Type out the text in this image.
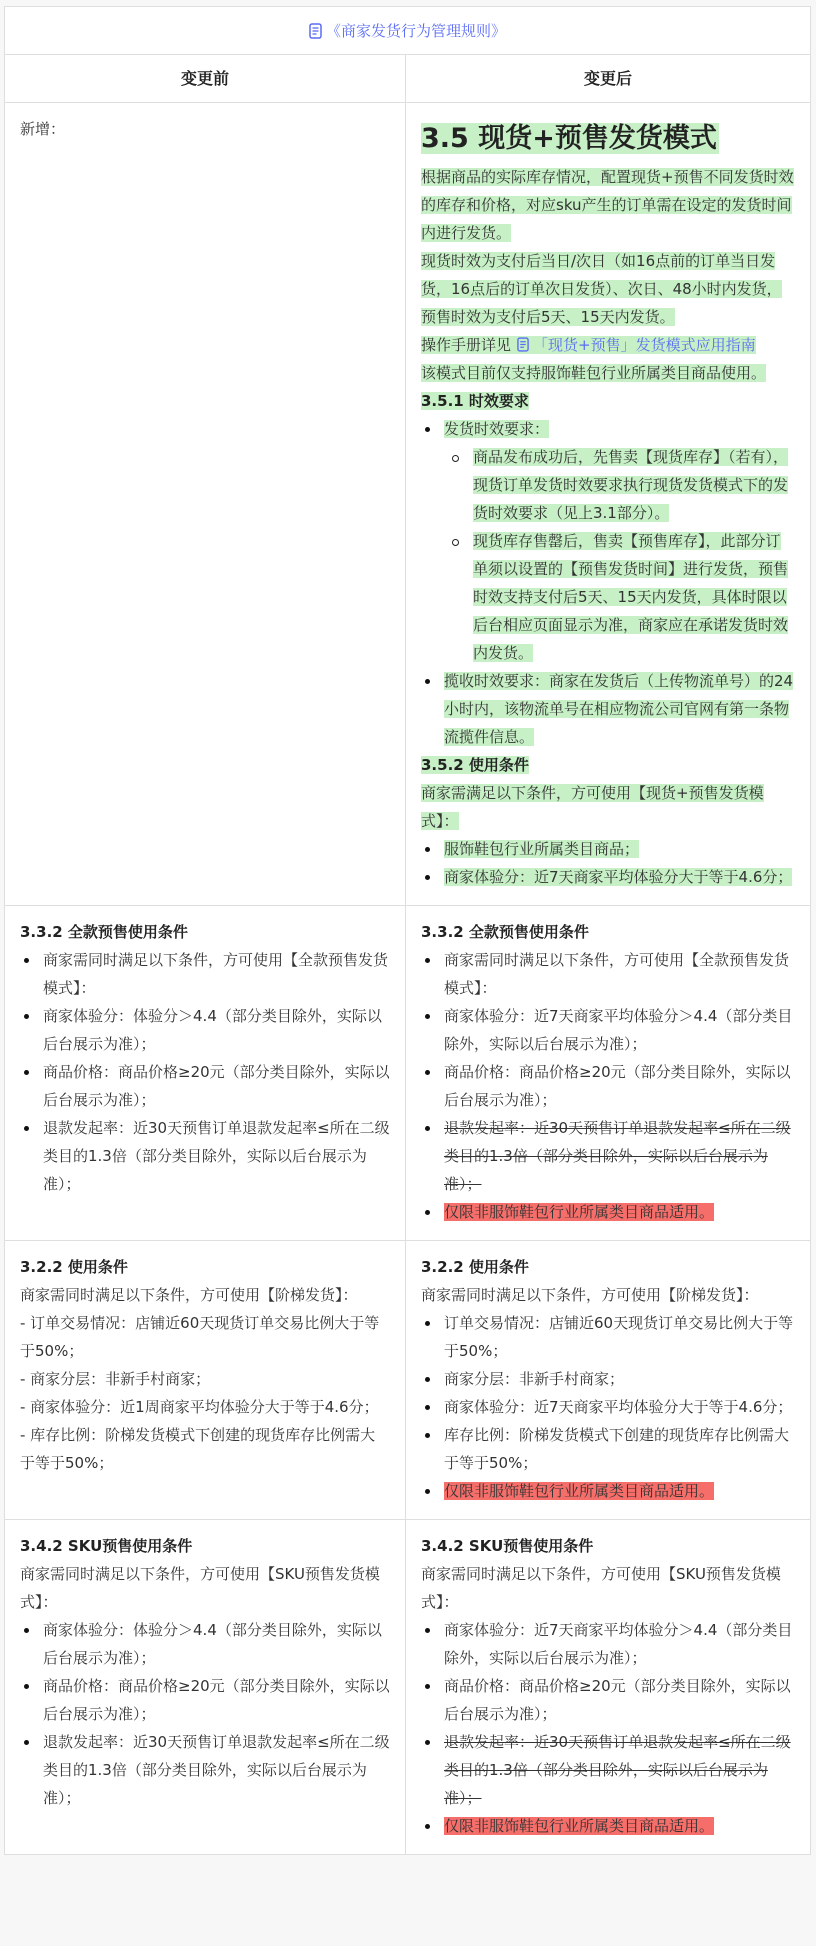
《商家发货行为管理规则》
变更前	变更后
新增：	3.5 现货+预售发货模式
根据商品的实际库存情况，配置现货+预售不同发货时效的库存和价格，对应sku产生的订单需在设定的发货时间内进行发货。
现货时效为支付后当日/次日（如16点前的订单当日发货，16点后的订单次日发货）、次日、48小时内发货，预售时效为支付后5天、15天内发货。
操作手册详见 「现货+预售」发货模式应用指南
该模式目前仅支持服饰鞋包行业所属类目商品使用。
3.5.1 时效要求
发货时效要求：
商品发布成功后，先售卖【现货库存】（若有），现货订单发货时效要求执行现货发货模式下的发货时效要求（见上3.1部分）。
现货库存售罄后，售卖【预售库存】，此部分订单须以设置的【预售发货时间】进行发货，预售时效支持支付后5天、15天内发货，具体时限以后台相应页面显示为准，商家应在承诺发货时效内发货。
揽收时效要求：商家在发货后（上传物流单号）的24小时内，该物流单号在相应物流公司官网有第一条物流揽件信息。
3.5.2 使用条件
商家需满足以下条件，方可使用【现货+预售发货模式】：
服饰鞋包行业所属类目商品；
商家体验分：近7天商家平均体验分大于等于4.6分；
3.3.2 全款预售使用条件
商家需同时满足以下条件，方可使用【全款预售发货模式】：
商家体验分：体验分＞4.4（部分类目除外，实际以后台展示为准）；
商品价格：商品价格≥20元（部分类目除外，实际以后台展示为准）；
退款发起率：近30天预售订单退款发起率≤所在二级类目的1.3倍（部分类目除外，实际以后台展示为准）；
3.3.2 全款预售使用条件
商家需同时满足以下条件，方可使用【全款预售发货模式】：
商家体验分：近7天商家平均体验分＞4.4（部分类目除外，实际以后台展示为准）；
商品价格：商品价格≥20元（部分类目除外，实际以后台展示为准）；
退款发起率：近30天预售订单退款发起率≤所在二级类目的1.3倍（部分类目除外，实际以后台展示为准）；
仅限非服饰鞋包行业所属类目商品适用。
3.2.2 使用条件
商家需同时满足以下条件，方可使用【阶梯发货】：
- 订单交易情况：店铺近60天现货订单交易比例大于等于50%；
- 商家分层：非新手村商家；
- 商家体验分：近1周商家平均体验分大于等于4.6分；
- 库存比例：阶梯发货模式下创建的现货库存比例需大于等于50%；
3.2.2 使用条件
商家需同时满足以下条件，方可使用【阶梯发货】：
订单交易情况：店铺近60天现货订单交易比例大于等于50%；
商家分层：非新手村商家；
商家体验分：近7天商家平均体验分大于等于4.6分；
库存比例：阶梯发货模式下创建的现货库存比例需大于等于50%；
仅限非服饰鞋包行业所属类目商品适用。
3.4.2 SKU预售使用条件
商家需同时满足以下条件，方可使用【SKU预售发货模式】：
商家体验分：体验分＞4.4（部分类目除外，实际以后台展示为准）；
商品价格：商品价格≥20元（部分类目除外，实际以后台展示为准）；
退款发起率：近30天预售订单退款发起率≤所在二级类目的1.3倍（部分类目除外，实际以后台展示为准）；
3.4.2 SKU预售使用条件
商家需同时满足以下条件，方可使用【SKU预售发货模式】：
商家体验分：近7天商家平均体验分＞4.4（部分类目除外，实际以后台展示为准）；
商品价格：商品价格≥20元（部分类目除外，实际以后台展示为准）；
退款发起率：近30天预售订单退款发起率≤所在二级类目的1.3倍（部分类目除外，实际以后台展示为准）；
仅限非服饰鞋包行业所属类目商品适用。
